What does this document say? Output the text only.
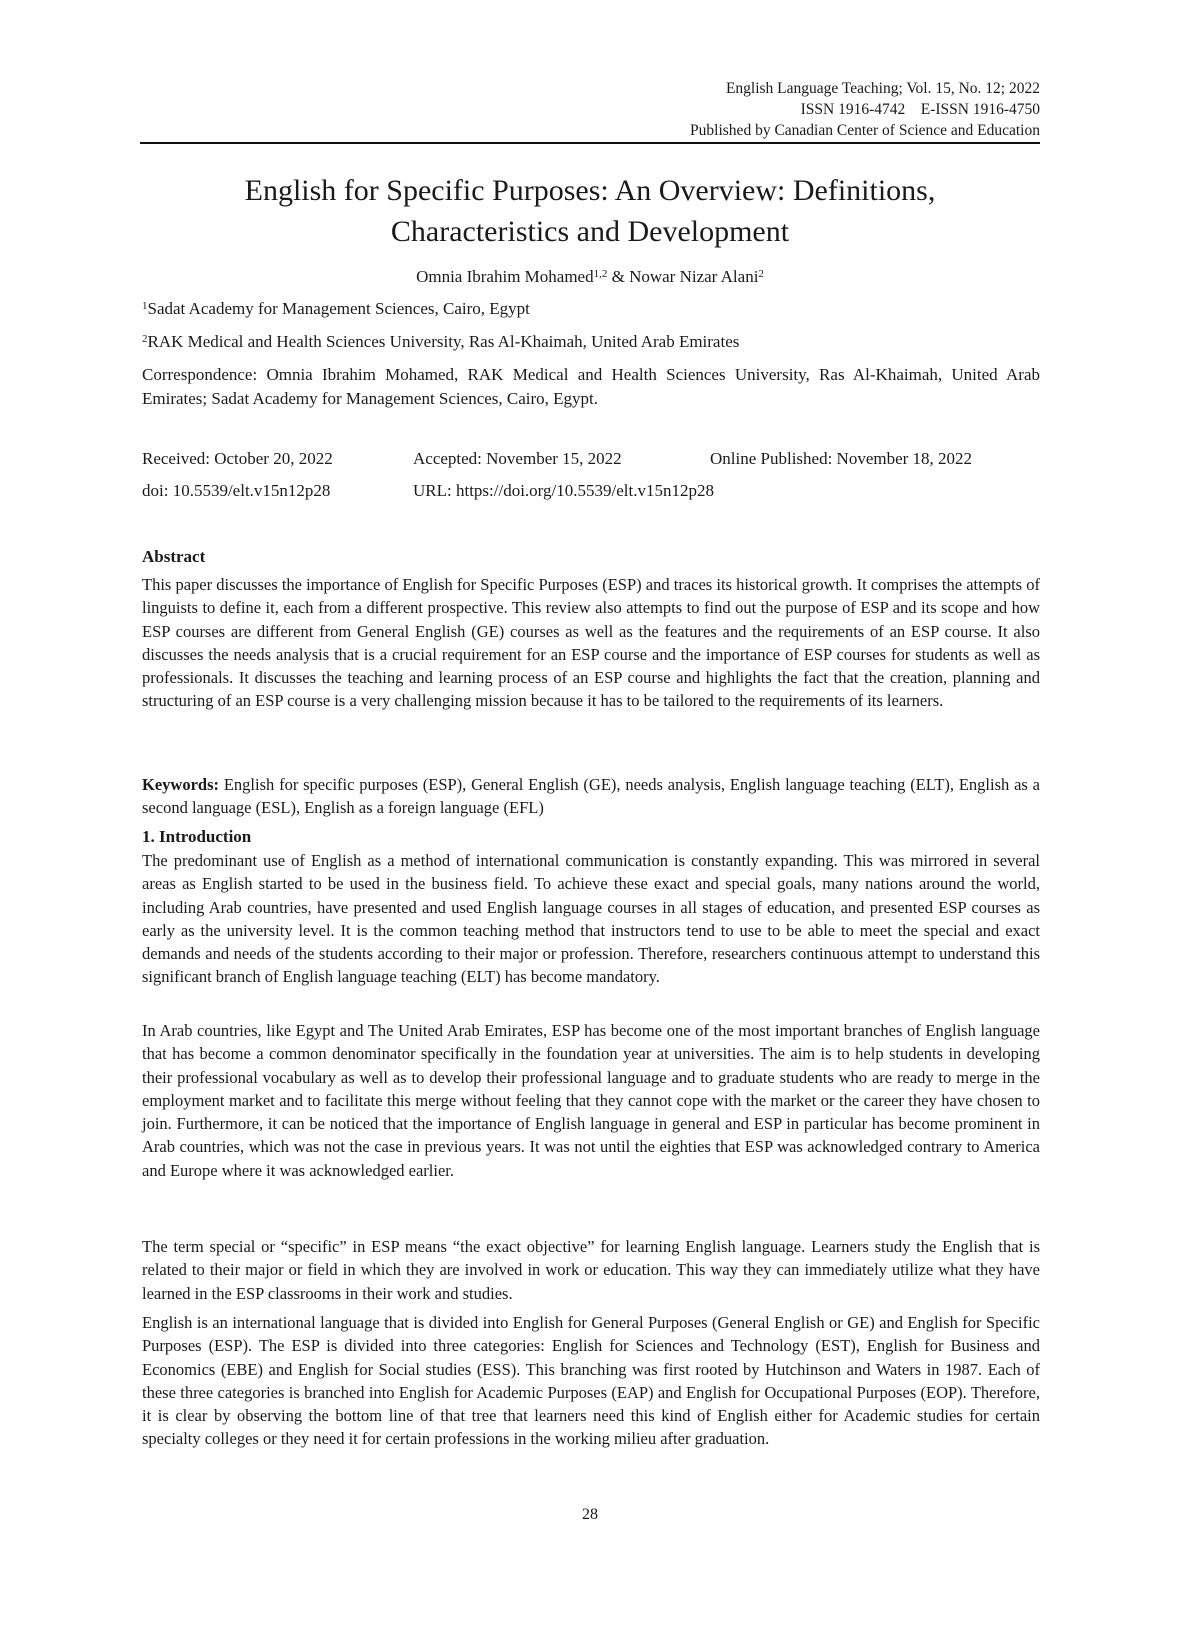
English Language Teaching; Vol. 15, No. 12; 2022
ISSN 1916-4742    E-ISSN 1916-4750
Published by Canadian Center of Science and Education
English for Specific Purposes: An Overview: Definitions,
Characteristics and Development
Omnia Ibrahim Mohamed$^{1,2}$ & Nowar Nizar Alani$^2$
$^1$Sadat Academy for Management Sciences, Cairo, Egypt
$^2$RAK Medical and Health Sciences University, Ras Al-Khaimah, United Arab Emirates
Correspondence: Omnia Ibrahim Mohamed, RAK Medical and Health Sciences University, Ras Al-Khaimah, United Arab Emirates; Sadat Academy for Management Sciences, Cairo, Egypt.
Received: October 20, 2022	Accepted: November 15, 2022	Online Published: November 18, 2022
doi: 10.5539/elt.v15n12p28	URL: https://doi.org/10.5539/elt.v15n12p28
Abstract
This paper discusses the importance of English for Specific Purposes (ESP) and traces its historical growth. It comprises the attempts of linguists to define it, each from a different prospective. This review also attempts to find out the purpose of ESP and its scope and how ESP courses are different from General English (GE) courses as well as the features and the requirements of an ESP course. It also discusses the needs analysis that is a crucial requirement for an ESP course and the importance of ESP courses for students as well as professionals. It discusses the teaching and learning process of an ESP course and highlights the fact that the creation, planning and structuring of an ESP course is a very challenging mission because it has to be tailored to the requirements of its learners.
Keywords: English for specific purposes (ESP), General English (GE), needs analysis, English language teaching (ELT), English as a second language (ESL), English as a foreign language (EFL)
1. Introduction

The predominant use of English as a method of international communication is constantly expanding. This was mirrored in several areas as English started to be used in the business field. To achieve these exact and special goals, many nations around the world, including Arab countries, have presented and used English language courses in all stages of education, and presented ESP courses as early as the university level. It is the common teaching method that instructors tend to use to be able to meet the special and exact demands and needs of the students according to their major or profession. Therefore, researchers continuous attempt to understand this significant branch of English language teaching (ELT) has become mandatory.

In Arab countries, like Egypt and The United Arab Emirates, ESP has become one of the most important branches of English language that has become a common denominator specifically in the foundation year at universities. The aim is to help students in developing their professional vocabulary as well as to develop their professional language and to graduate students who are ready to merge in the employment market and to facilitate this merge without feeling that they cannot cope with the market or the career they have chosen to join. Furthermore, it can be noticed that the importance of English language in general and ESP in particular has become prominent in Arab countries, which was not the case in previous years. It was not until the eighties that ESP was acknowledged contrary to America and Europe where it was acknowledged earlier.

The term special or “specific” in ESP means “the exact objective” for learning English language. Learners study the English that is related to their major or field in which they are involved in work or education. This way they can immediately utilize what they have learned in the ESP classrooms in their work and studies.

English is an international language that is divided into English for General Purposes (General English or GE) and English for Specific Purposes (ESP). The ESP is divided into three categories: English for Sciences and Technology (EST), English for Business and Economics (EBE) and English for Social studies (ESS). This branching was first rooted by Hutchinson and Waters in 1987. Each of these three categories is branched into English for Academic Purposes (EAP) and English for Occupational Purposes (EOP). Therefore, it is clear by observing the bottom line of that tree that learners need this kind of English either for Academic studies for certain specialty colleges or they need it for certain professions in the working milieu after graduation.

28
